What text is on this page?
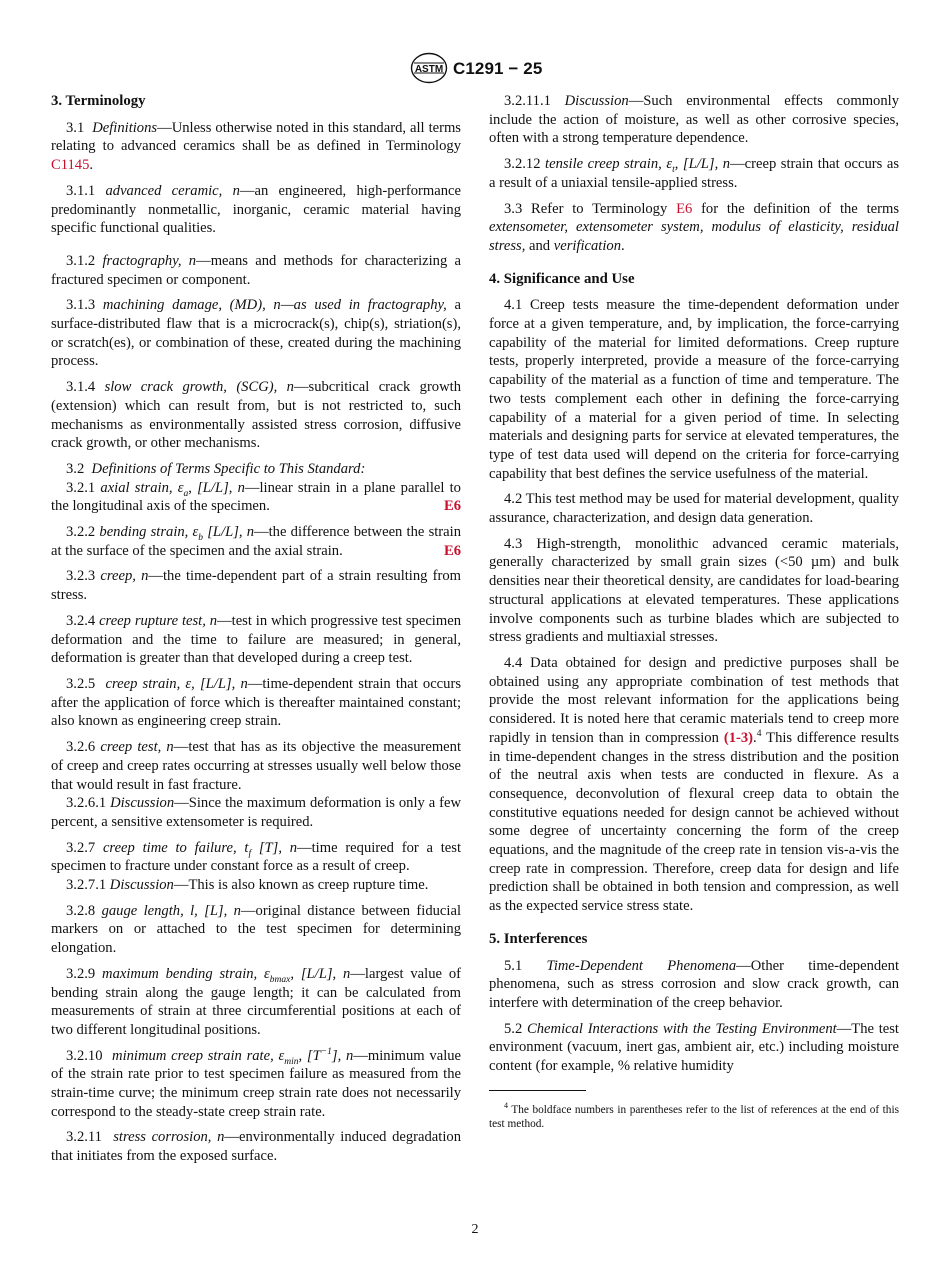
ASTM C1291 − 25
3. Terminology

3.1 Definitions—Unless otherwise noted in this standard, all terms relating to advanced ceramics shall be as defined in Terminology C1145.

3.1.1 advanced ceramic, n—an engineered, high-performance predominantly nonmetallic, inorganic, ceramic material having specific functional qualities.

3.1.2 fractography, n—means and methods for characterizing a fractured specimen or component.

3.1.3 machining damage, (MD), n—as used in fractography, a surface-distributed flaw that is a microcrack(s), chip(s), striation(s), or scratch(es), or combination of these, created during the machining process.

3.1.4 slow crack growth, (SCG), n—subcritical crack growth (extension) which can result from, but is not restricted to, such mechanisms as environmentally assisted stress corrosion, diffusive crack growth, or other mechanisms.

3.2 Definitions of Terms Specific to This Standard:

3.2.1 axial strain, $\varepsilon_a$, [L/L], n—linear strain in a plane parallel to the longitudinal axis of the specimen.	E6

3.2.2 bending strain, $\varepsilon_b$ [L/L], n—the difference between the strain at the surface of the specimen and the axial strain.	E6

3.2.3 creep, n—the time-dependent part of a strain resulting from stress.

3.2.4 creep rupture test, n—test in which progressive test specimen deformation and the time to failure are measured; in general, deformation is greater than that developed during a creep test.

3.2.5 creep strain, ε, [L/L], n—time-dependent strain that occurs after the application of force which is thereafter maintained constant; also known as engineering creep strain.

3.2.6 creep test, n—test that has as its objective the measurement of creep and creep rates occurring at stresses usually well below those that would result in fast fracture.

3.2.6.1 Discussion—Since the maximum deformation is only a few percent, a sensitive extensometer is required.

3.2.7 creep time to failure, $t_f$ [T], n—time required for a test specimen to fracture under constant force as a result of creep.

3.2.7.1 Discussion—This is also known as creep rupture time.

3.2.8 gauge length, l, [L], n—original distance between fiducial markers on or attached to the test specimen for determining elongation.

3.2.9 maximum bending strain, $\varepsilon_{bmax}$, [L/L], n—largest value of bending strain along the gauge length; it can be calculated from measurements of strain at three circumferential positions at each of two different longitudinal positions.

3.2.10 minimum creep strain rate, $\varepsilon_{min}$, $[T^{-1}]$, n—minimum value of the strain rate prior to test specimen failure as measured from the strain-time curve; the minimum creep strain rate does not necessarily correspond to the steady-state creep strain rate.

3.2.11 stress corrosion, n—environmentally induced degradation that initiates from the exposed surface.

3.2.11.1 Discussion—Such environmental effects commonly include the action of moisture, as well as other corrosive species, often with a strong temperature dependence.

3.2.12 tensile creep strain, $\varepsilon_t$, [L/L], n—creep strain that occurs as a result of a uniaxial tensile-applied stress.

3.3 Refer to Terminology E6 for the definition of the terms extensometer, extensometer system, modulus of elasticity, residual stress, and verification.

4. Significance and Use

4.1 Creep tests measure the time-dependent deformation under force at a given temperature, and, by implication, the force-carrying capability of the material for limited deformations. Creep rupture tests, properly interpreted, provide a measure of the force-carrying capability of the material as a function of time and temperature. The two tests complement each other in defining the force-carrying capability of a material for a given period of time. In selecting materials and designing parts for service at elevated temperatures, the type of test data used will depend on the criteria for force-carrying capability that best defines the service usefulness of the material.

4.2 This test method may be used for material development, quality assurance, characterization, and design data generation.

4.3 High-strength, monolithic advanced ceramic materials, generally characterized by small grain sizes (<50 µm) and bulk densities near their theoretical density, are candidates for load-bearing structural applications at elevated temperatures. These applications involve components such as turbine blades which are subjected to stress gradients and multiaxial stresses.

4.4 Data obtained for design and predictive purposes shall be obtained using any appropriate combination of test methods that provide the most relevant information for the applications being considered. It is noted here that ceramic materials tend to creep more rapidly in tension than in compression (1-3).$^4$ This difference results in time-dependent changes in the stress distribution and the position of the neutral axis when tests are conducted in flexure. As a consequence, deconvolution of flexural creep data to obtain the constitutive equations needed for design cannot be achieved without some degree of uncertainty concerning the form of the creep equations, and the magnitude of the creep rate in tension vis-a-vis the creep rate in compression. Therefore, creep data for design and life prediction shall be obtained in both tension and compression, as well as the expected service stress state.

5. Interferences

5.1 Time-Dependent Phenomena—Other time-dependent phenomena, such as stress corrosion and slow crack growth, can interfere with determination of the creep behavior.

5.2 Chemical Interactions with the Testing Environment—The test environment (vacuum, inert gas, ambient air, etc.) including moisture content (for example, % relative humidity

$^4$ The boldface numbers in parentheses refer to the list of references at the end of this test method.

2
